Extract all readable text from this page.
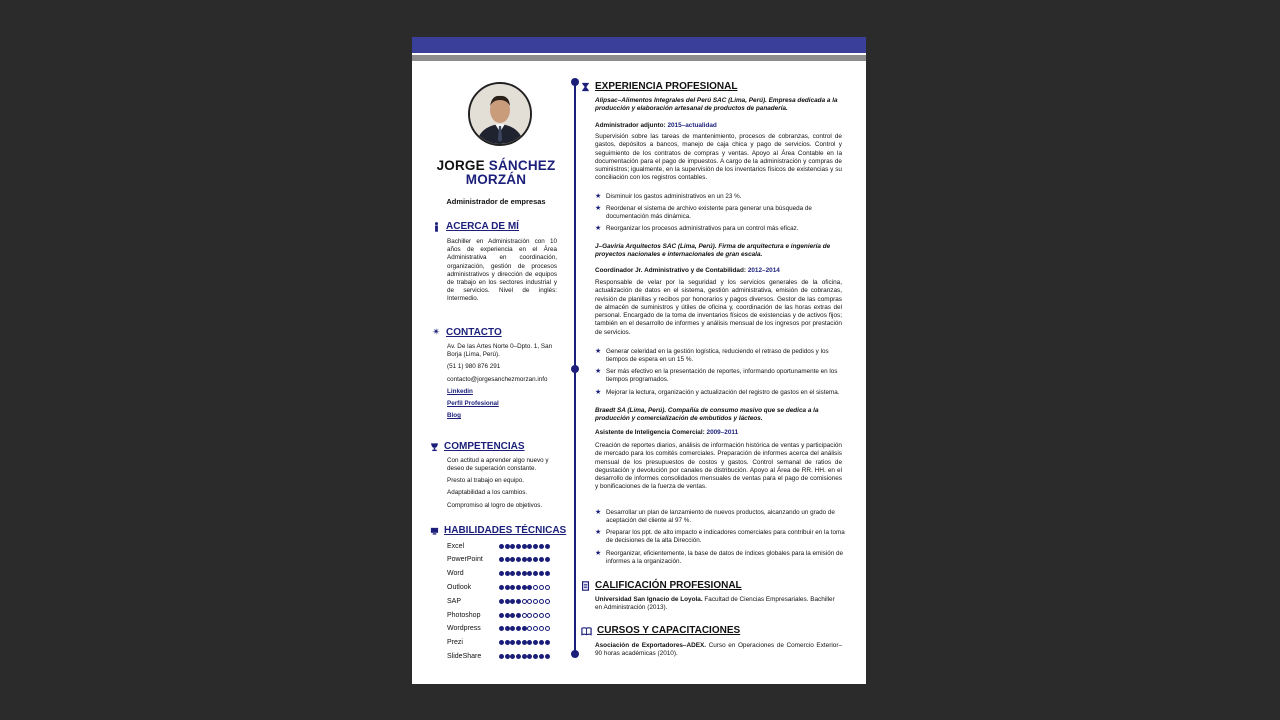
JORGE SÁNCHEZ
MORZÁN
Administrador de empresas
ACERCA DE MÍ
Bachiller en Administración con 10 años de experiencia en el Área Administrativa en coordinación, organización, gestión de procesos administrativos y dirección de equipos de trabajo en los sectores industrial y de servicios. Nivel de inglés: Intermedio.
✴ CONTACTO
Av. De las Artes Norte 0–Dpto. 1, San Borja (Lima, Perú).
(51 1) 980 876 291
contacto@jorgesanchezmorzan.info
Linkedin
Perfil Profesional
Blog
COMPETENCIAS
Con actitud a aprender algo nuevo y deseo de superación constante.
Presto al trabajo en equipo.
Adaptabilidad a los cambios.
Compromiso al logro de objetivos.
HABILIDADES TÉCNICAS
Excel
PowerPoint
Word
Outlook
SAP
Photoshop
Wordpress
Prezi
SlideShare
EXPERIENCIA PROFESIONAL
Alipsac–Alimentos Integrales del Perú SAC (Lima, Perú). Empresa dedicada a la producción y elaboración artesanal de productos de panadería.
Administrador adjunto: 2015–actualidad
Supervisión sobre las tareas de mantenimiento, procesos de cobranzas, control de gastos, depósitos a bancos, manejo de caja chica y pago de servicios. Control y seguimiento de los contratos de compras y ventas. Apoyo al Área Contable en la documentación para el pago de impuestos. A cargo de la administración y compras de suministros; igualmente, en la supervisión de los inventarios físicos de existencias y su conciliación con los registros contables.
★ Disminuir los gastos administrativos en un 23 %.
★ Reordenar el sistema de archivo existente para generar una búsqueda de documentación más dinámica.
★ Reorganizar los procesos administrativos para un control más eficaz.
J–Gaviria Arquitectos SAC (Lima, Perú). Firma de arquitectura e ingeniería de proyectos nacionales e internacionales de gran escala.
Coordinador Jr. Administrativo y de Contabilidad: 2012–2014
Responsable de velar por la seguridad y los servicios generales de la oficina, actualización de datos en el sistema, gestión administrativa, emisión de cobranzas, revisión de planillas y recibos por honorarios y pagos diversos. Gestor de las compras de almacén de suministros y útiles de oficina y, coordinación de las horas extras del personal. Encargado de la toma de inventarios físicos de existencias y de activos fijos; también en el desarrollo de informes y análisis mensual de los ingresos por prestación de servicios.
★ Generar celeridad en la gestión logística, reduciendo el retraso de pedidos y los tiempos de espera en un 15 %.
★ Ser más efectivo en la presentación de reportes, informando oportunamente en los tiempos programados.
★ Mejorar la lectura, organización y actualización del registro de gastos en el sistema.
Braedt SA (Lima, Perú). Compañía de consumo masivo que se dedica a la producción y comercialización de embutidos y lácteos.
Asistente de Inteligencia Comercial: 2009–2011
Creación de reportes diarios, análisis de información histórica de ventas y participación de mercado para los comités comerciales. Preparación de informes acerca del análisis mensual de los presupuestos de costos y gastos. Control semanal de ratios de degustación y devolución por canales de distribución. Apoyo al Área de RR. HH. en el desarrollo de informes consolidados mensuales de ventas para el pago de comisiones y bonificaciones de la fuerza de ventas.
★ Desarrollar un plan de lanzamiento de nuevos productos, alcanzando un grado de aceptación del cliente al 97 %.
★ Preparar los ppt. de alto impacto e indicadores comerciales para contribuir en la toma de decisiones de la alta Dirección.
★ Reorganizar, eficientemente, la base de datos de índices globales para la emisión de informes a la organización.
CALIFICACIÓN PROFESIONAL
Universidad San Ignacio de Loyola. Facultad de Ciencias Empresariales. Bachiller en Administración (2013).
CURSOS Y CAPACITACIONES
Asociación de Exportadores–ADEX. Curso en Operaciones de Comercio Exterior–90 horas académicas (2010).
